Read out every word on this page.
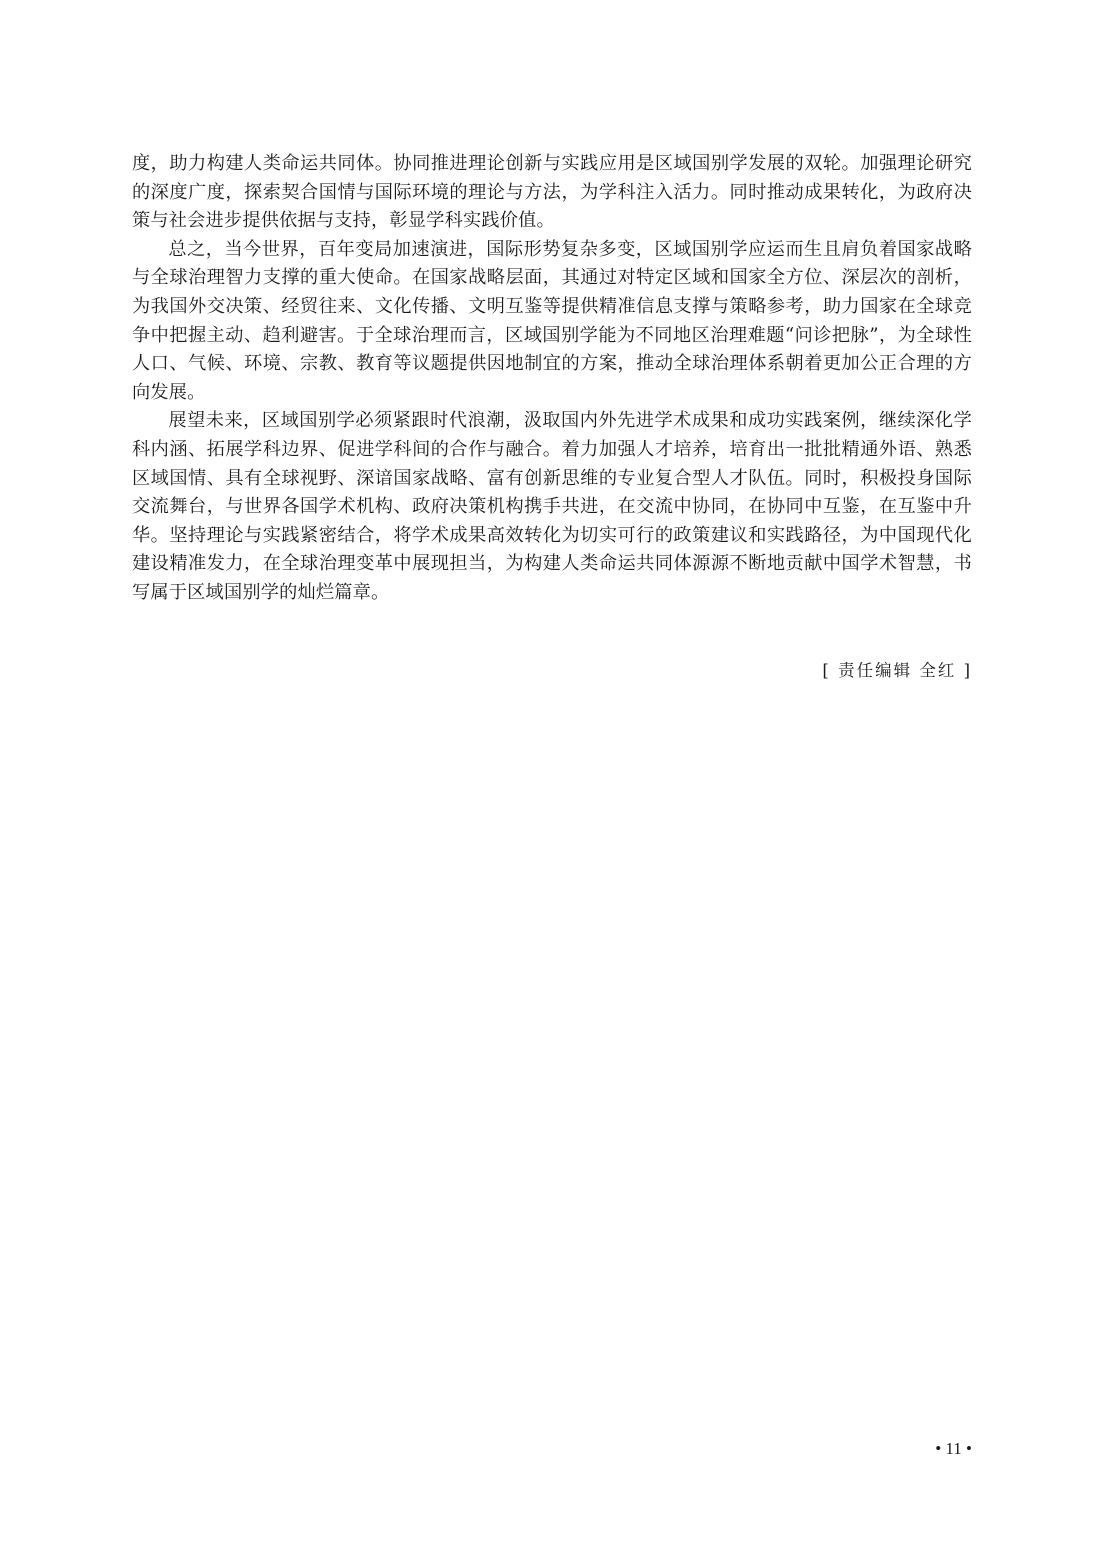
度，助力构建人类命运共同体。协同推进理论创新与实践应用是区域国别学发展的双轮。加强理论研究的深度广度，探索契合国情与国际环境的理论与方法，为学科注入活力。同时推动成果转化，为政府决策与社会进步提供依据与支持，彰显学科实践价值。

总之，当今世界，百年变局加速演进，国际形势复杂多变，区域国别学应运而生且肩负着国家战略与全球治理智力支撑的重大使命。在国家战略层面，其通过对特定区域和国家全方位、深层次的剖析，为我国外交决策、经贸往来、文化传播、文明互鉴等提供精准信息支撑与策略参考，助力国家在全球竞争中把握主动、趋利避害。于全球治理而言，区域国别学能为不同地区治理难题“问诊把脉”，为全球性人口、气候、环境、宗教、教育等议题提供因地制宜的方案，推动全球治理体系朝着更加公正合理的方向发展。

展望未来，区域国别学必须紧跟时代浪潮，汲取国内外先进学术成果和成功实践案例，继续深化学科内涵、拓展学科边界、促进学科间的合作与融合。着力加强人才培养，培育出一批批精通外语、熟悉区域国情、具有全球视野、深谙国家战略、富有创新思维的专业复合型人才队伍。同时，积极投身国际交流舞台，与世界各国学术机构、政府决策机构携手共进，在交流中协同，在协同中互鉴，在互鉴中升华。坚持理论与实践紧密结合，将学术成果高效转化为切实可行的政策建议和实践路径，为中国现代化建设精准发力，在全球治理变革中展现担当，为构建人类命运共同体源源不断地贡献中国学术智慧，书写属于区域国别学的灿烂篇章。

[ 责任编辑 全红 ]
• 11 •
